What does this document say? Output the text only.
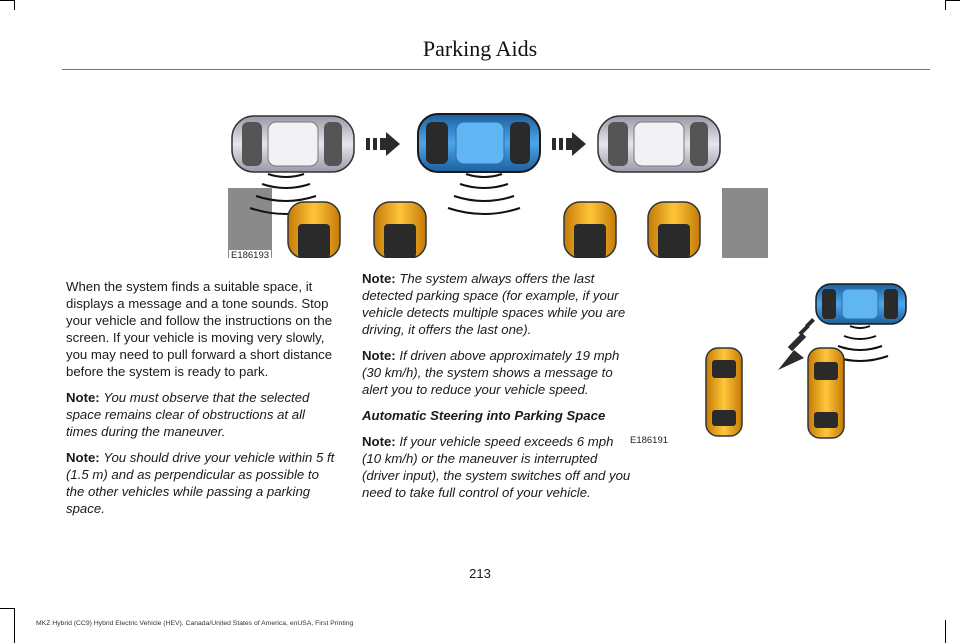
Parking Aids
E186193
E186191

When the system finds a suitable space, it displays a message and a tone sounds. Stop your vehicle and follow the instructions on the screen. If your vehicle is moving very slowly, you may need to pull forward a short distance before the system is ready to park.

Note: You must observe that the selected space remains clear of obstructions at all times during the maneuver.

Note: You should drive your vehicle within 5 ft (1.5 m) and as perpendicular as possible to the other vehicles while passing a parking space.

Note: The system always offers the last detected parking space (for example, if your vehicle detects multiple spaces while you are driving, it offers the last one).

Note: If driven above approximately 19 mph (30 km/h), the system shows a message to alert you to reduce your vehicle speed.

Automatic Steering into Parking Space

Note: If your vehicle speed exceeds 6 mph (10 km/h) or the maneuver is interrupted (driver input), the system switches off and you need to take full control of your vehicle.

213
MKZ Hybrid (CC9) Hybrid Electric Vehicle (HEV), Canada/United States of America, enUSA, First Printing
